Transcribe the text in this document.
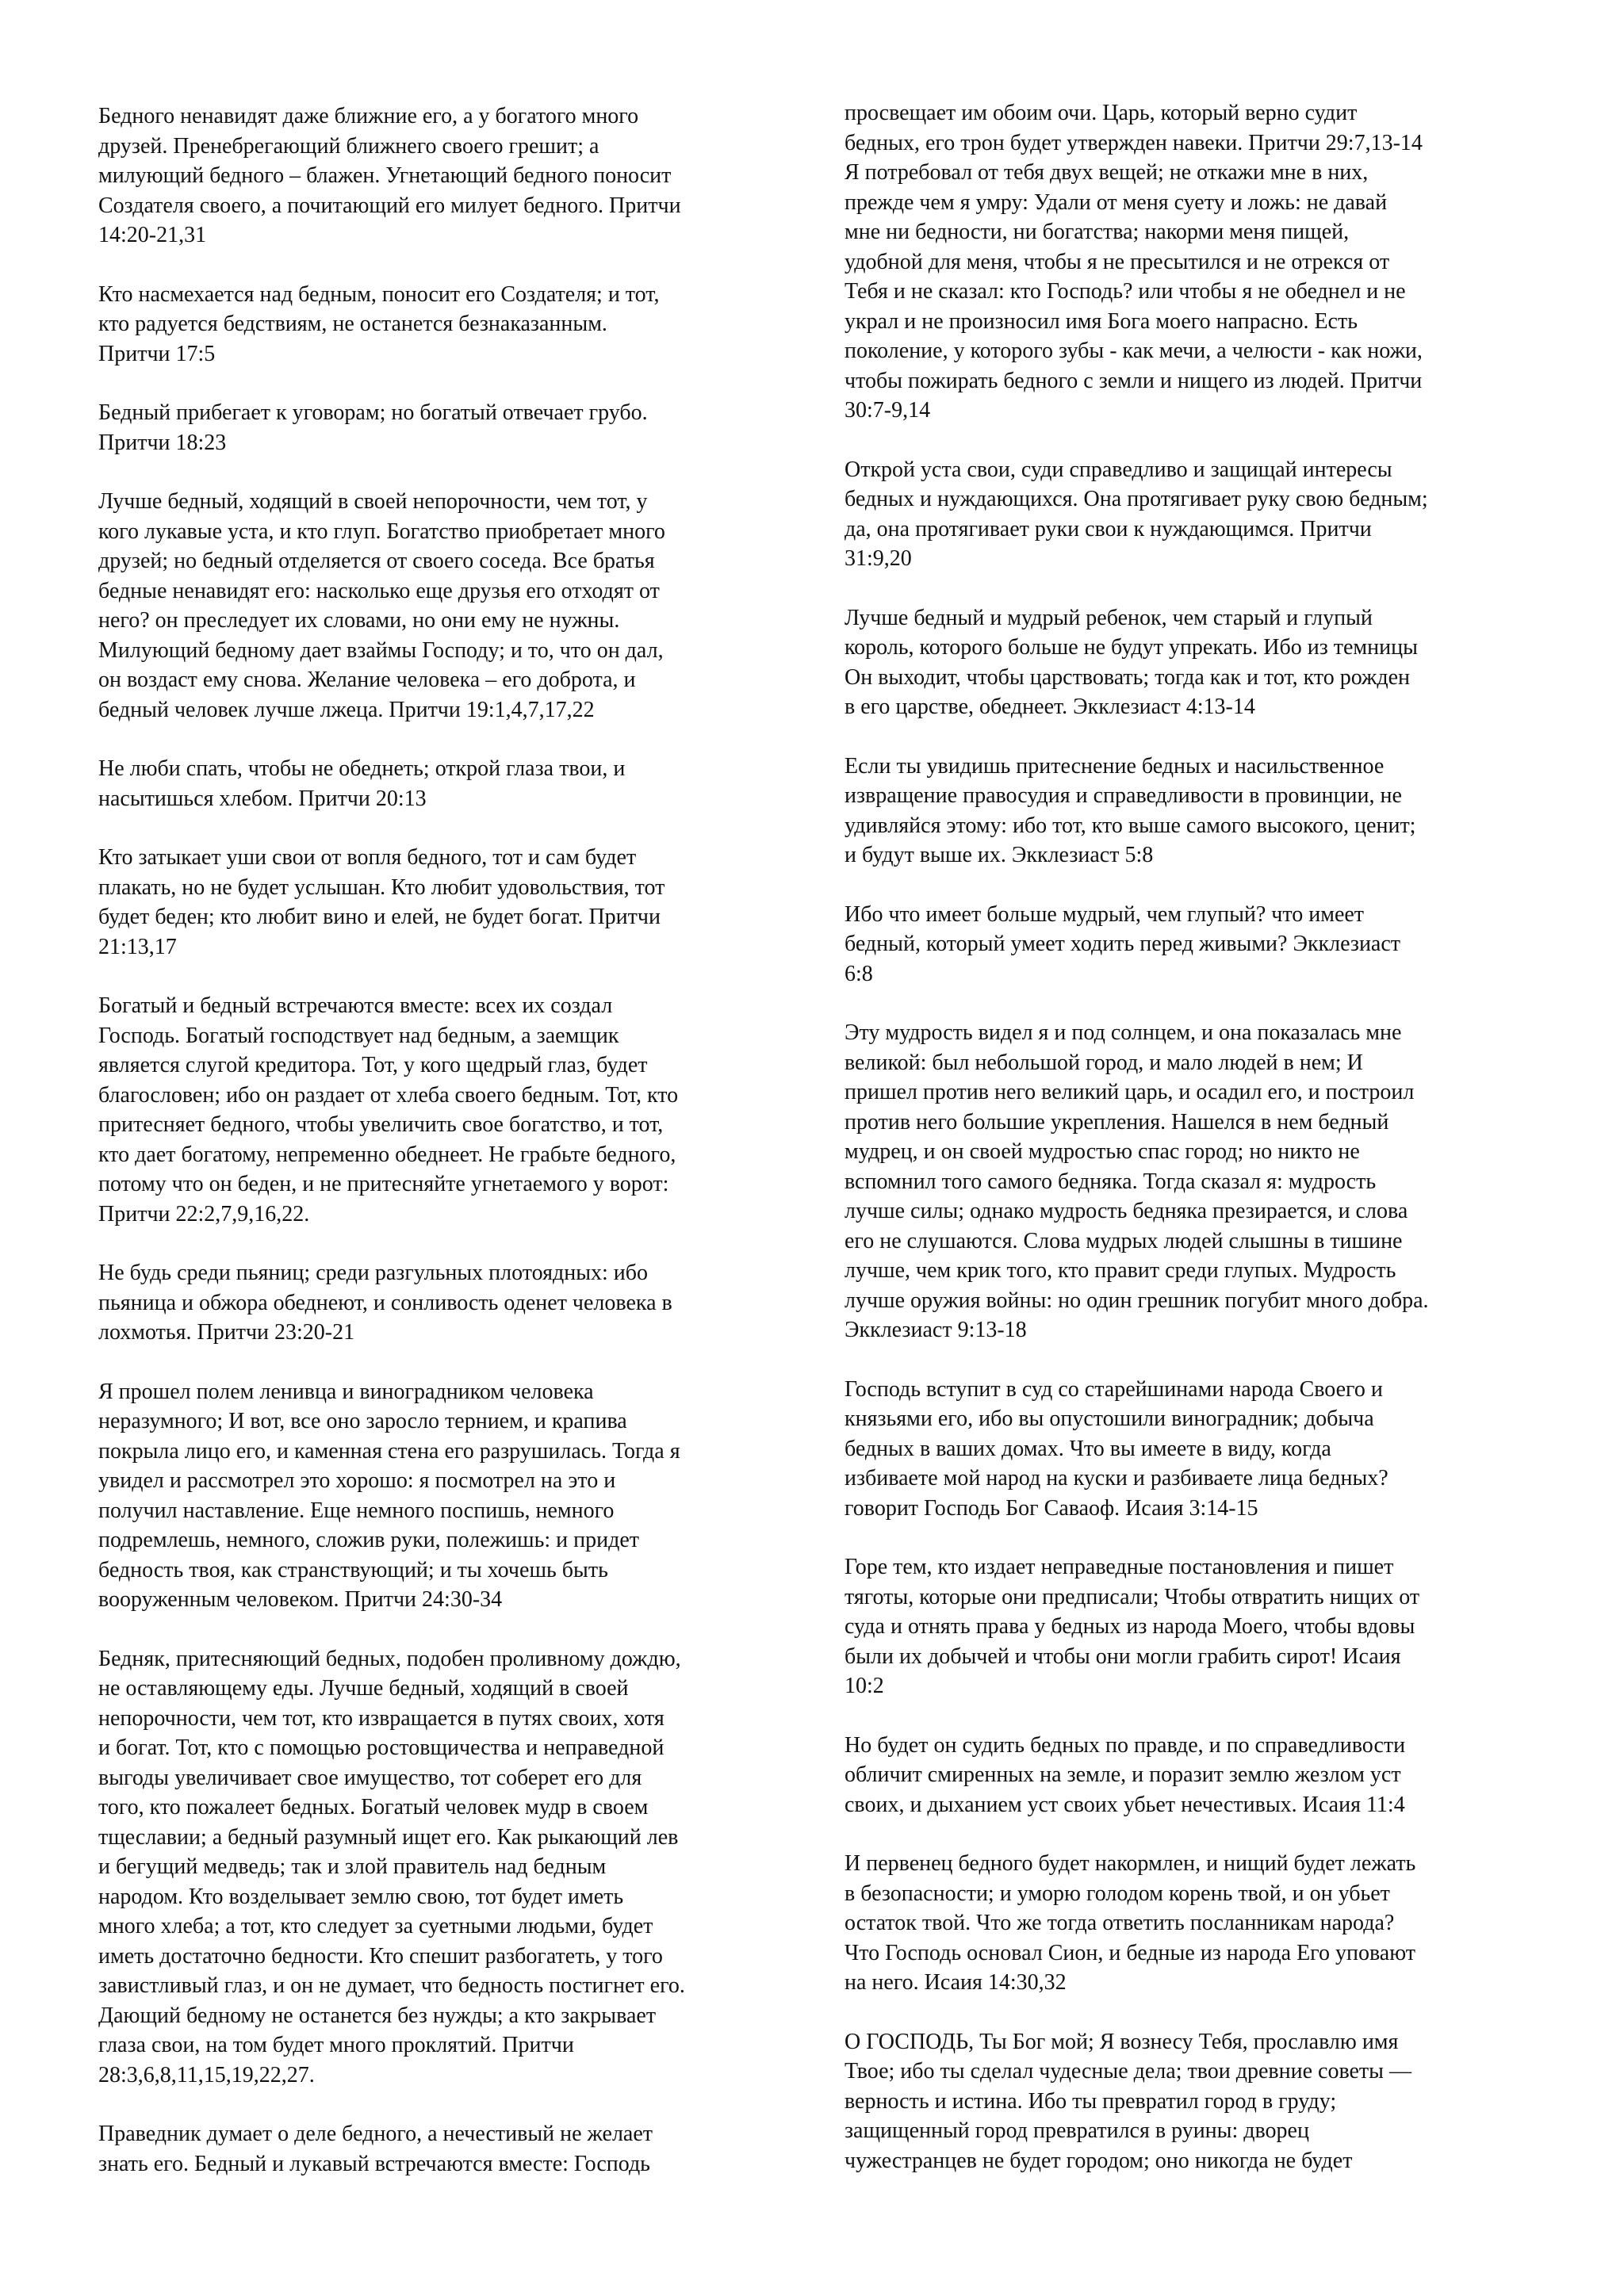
Бедного ненавидят даже ближние его, а у богатого много
друзей. Пренебрегающий ближнего своего грешит; а
милующий бедного – блажен. Угнетающий бедного поносит
Создателя своего, а почитающий его милует бедного. Притчи
14:20-21,31

Кто насмехается над бедным, поносит его Создателя; и тот,
кто радуется бедствиям, не останется безнаказанным.
Притчи 17:5

Бедный прибегает к уговорам; но богатый отвечает грубо.
Притчи 18:23

Лучше бедный, ходящий в своей непорочности, чем тот, у
кого лукавые уста, и кто глуп. Богатство приобретает много
друзей; но бедный отделяется от своего соседа. Все братья
бедные ненавидят его: насколько еще друзья его отходят от
него? он преследует их словами, но они ему не нужны.
Милующий бедному дает взаймы Господу; и то, что он дал,
он воздаст ему снова. Желание человека – его доброта, и
бедный человек лучше лжеца. Притчи 19:1,4,7,17,22

Не люби спать, чтобы не обеднеть; открой глаза твои, и
насытишься хлебом. Притчи 20:13

Кто затыкает уши свои от вопля бедного, тот и сам будет
плакать, но не будет услышан. Кто любит удовольствия, тот
будет беден; кто любит вино и елей, не будет богат. Притчи
21:13,17

Богатый и бедный встречаются вместе: всех их создал
Господь. Богатый господствует над бедным, а заемщик
является слугой кредитора. Тот, у кого щедрый глаз, будет
благословен; ибо он раздает от хлеба своего бедным. Тот, кто
притесняет бедного, чтобы увеличить свое богатство, и тот,
кто дает богатому, непременно обеднеет. Не грабьте бедного,
потому что он беден, и не притесняйте угнетаемого у ворот:
Притчи 22:2,7,9,16,22.

Не будь среди пьяниц; среди разгульных плотоядных: ибо
пьяница и обжора обеднеют, и сонливость оденет человека в
лохмотья. Притчи 23:20-21

Я прошел полем ленивца и виноградником человека
неразумного; И вот, все оно заросло тернием, и крапива
покрыла лицо его, и каменная стена его разрушилась. Тогда я
увидел и рассмотрел это хорошо: я посмотрел на это и
получил наставление. Еще немного поспишь, немного
подремлешь, немного, сложив руки, полежишь: и придет
бедность твоя, как странствующий; и ты хочешь быть
вооруженным человеком. Притчи 24:30-34

Бедняк, притесняющий бедных, подобен проливному дождю,
не оставляющему еды. Лучше бедный, ходящий в своей
непорочности, чем тот, кто извращается в путях своих, хотя
и богат. Тот, кто с помощью ростовщичества и неправедной
выгоды увеличивает свое имущество, тот соберет его для
того, кто пожалеет бедных. Богатый человек мудр в своем
тщеславии; а бедный разумный ищет его. Как рыкающий лев
и бегущий медведь; так и злой правитель над бедным
народом. Кто возделывает землю свою, тот будет иметь
много хлеба; а тот, кто следует за суетными людьми, будет
иметь достаточно бедности. Кто спешит разбогатеть, у того
завистливый глаз, и он не думает, что бедность постигнет его.
Дающий бедному не останется без нужды; а кто закрывает
глаза свои, на том будет много проклятий. Притчи
28:3,6,8,11,15,19,22,27.

Праведник думает о деле бедного, а нечестивый не желает
знать его. Бедный и лукавый встречаются вместе: Господь

просвещает им обоим очи. Царь, который верно судит
бедных, его трон будет утвержден навеки. Притчи 29:7,13-14
Я потребовал от тебя двух вещей; не откажи мне в них,
прежде чем я умру: Удали от меня суету и ложь: не давай
мне ни бедности, ни богатства; накорми меня пищей,
удобной для меня, чтобы я не пресытился и не отрекся от
Тебя и не сказал: кто Господь? или чтобы я не обеднел и не
украл и не произносил имя Бога моего напрасно. Есть
поколение, у которого зубы - как мечи, а челюсти - как ножи,
чтобы пожирать бедного с земли и нищего из людей. Притчи
30:7-9,14

Открой уста свои, суди справедливо и защищай интересы
бедных и нуждающихся. Она протягивает руку свою бедным;
да, она протягивает руки свои к нуждающимся. Притчи
31:9,20

Лучше бедный и мудрый ребенок, чем старый и глупый
король, которого больше не будут упрекать. Ибо из темницы
Он выходит, чтобы царствовать; тогда как и тот, кто рожден
в его царстве, обеднеет. Экклезиаст 4:13-14

Если ты увидишь притеснение бедных и насильственное
извращение правосудия и справедливости в провинции, не
удивляйся этому: ибо тот, кто выше самого высокого, ценит;
и будут выше их. Экклезиаст 5:8

Ибо что имеет больше мудрый, чем глупый? что имеет
бедный, который умеет ходить перед живыми? Экклезиаст
6:8

Эту мудрость видел я и под солнцем, и она показалась мне
великой: был небольшой город, и мало людей в нем; И
пришел против него великий царь, и осадил его, и построил
против него большие укрепления. Нашелся в нем бедный
мудрец, и он своей мудростью спас город; но никто не
вспомнил того самого бедняка. Тогда сказал я: мудрость
лучше силы; однако мудрость бедняка презирается, и слова
его не слушаются. Слова мудрых людей слышны в тишине
лучше, чем крик того, кто правит среди глупых. Мудрость
лучше оружия войны: но один грешник погубит много добра.
Экклезиаст 9:13-18

Господь вступит в суд со старейшинами народа Своего и
князьями его, ибо вы опустошили виноградник; добыча
бедных в ваших домах. Что вы имеете в виду, когда
избиваете мой народ на куски и разбиваете лица бедных?
говорит Господь Бог Саваоф. Исаия 3:14-15

Горе тем, кто издает неправедные постановления и пишет
тяготы, которые они предписали; Чтобы отвратить нищих от
суда и отнять права у бедных из народа Моего, чтобы вдовы
были их добычей и чтобы они могли грабить сирот! Исаия
10:2

Но будет он судить бедных по правде, и по справедливости
обличит смиренных на земле, и поразит землю жезлом уст
своих, и дыханием уст своих убьет нечестивых. Исаия 11:4

И первенец бедного будет накормлен, и нищий будет лежать
в безопасности; и уморю голодом корень твой, и он убьет
остаток твой. Что же тогда ответить посланникам народа?
Что Господь основал Сион, и бедные из народа Его уповают
на него. Исаия 14:30,32

О ГОСПОДЬ, Ты Бог мой; Я вознесу Тебя, прославлю имя
Твое; ибо ты сделал чудесные дела; твои древние советы —
верность и истина. Ибо ты превратил город в груду;
защищенный город превратился в руины: дворец
чужестранцев не будет городом; оно никогда не будет
